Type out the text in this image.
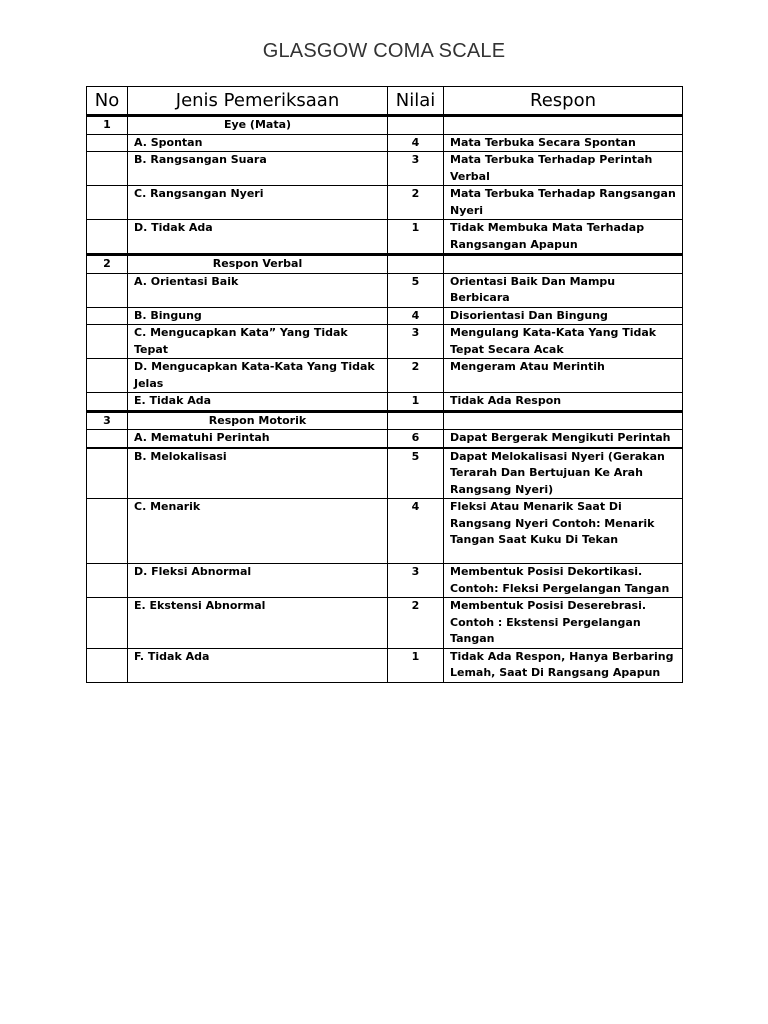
GLASGOW COMA SCALE
No	Jenis Pemeriksaan	Nilai	Respon
1	Eye (Mata)		
	A. Spontan	4	Mata Terbuka Secara Spontan
	B. Rangsangan Suara	3	Mata Terbuka Terhadap Perintah Verbal
	C. Rangsangan Nyeri	2	Mata Terbuka Terhadap Rangsangan Nyeri
	D. Tidak Ada	1	Tidak Membuka Mata Terhadap Rangsangan Apapun
2	Respon Verbal		
	A. Orientasi Baik	5	Orientasi Baik Dan Mampu Berbicara
	B. Bingung	4	Disorientasi Dan Bingung
	C. Mengucapkan Kata” Yang Tidak Tepat	3	Mengulang Kata-Kata Yang Tidak Tepat Secara Acak
	D. Mengucapkan Kata-Kata Yang Tidak Jelas	2	Mengeram Atau Merintih
	E. Tidak Ada	1	Tidak Ada Respon
3	Respon Motorik		
	A. Mematuhi Perintah	6	Dapat Bergerak Mengikuti Perintah
	B. Melokalisasi	5	Dapat Melokalisasi Nyeri (Gerakan Terarah Dan Bertujuan Ke Arah Rangsang Nyeri)
	C. Menarik	4	Fleksi Atau Menarik Saat Di Rangsang Nyeri Contoh: Menarik Tangan Saat Kuku Di Tekan
	D. Fleksi Abnormal	3	Membentuk Posisi Dekortikasi. Contoh: Fleksi Pergelangan Tangan
	E. Ekstensi Abnormal	2	Membentuk Posisi Deserebrasi. Contoh : Ekstensi Pergelangan Tangan
	F. Tidak Ada	1	Tidak Ada Respon, Hanya Berbaring Lemah, Saat Di Rangsang Apapun
